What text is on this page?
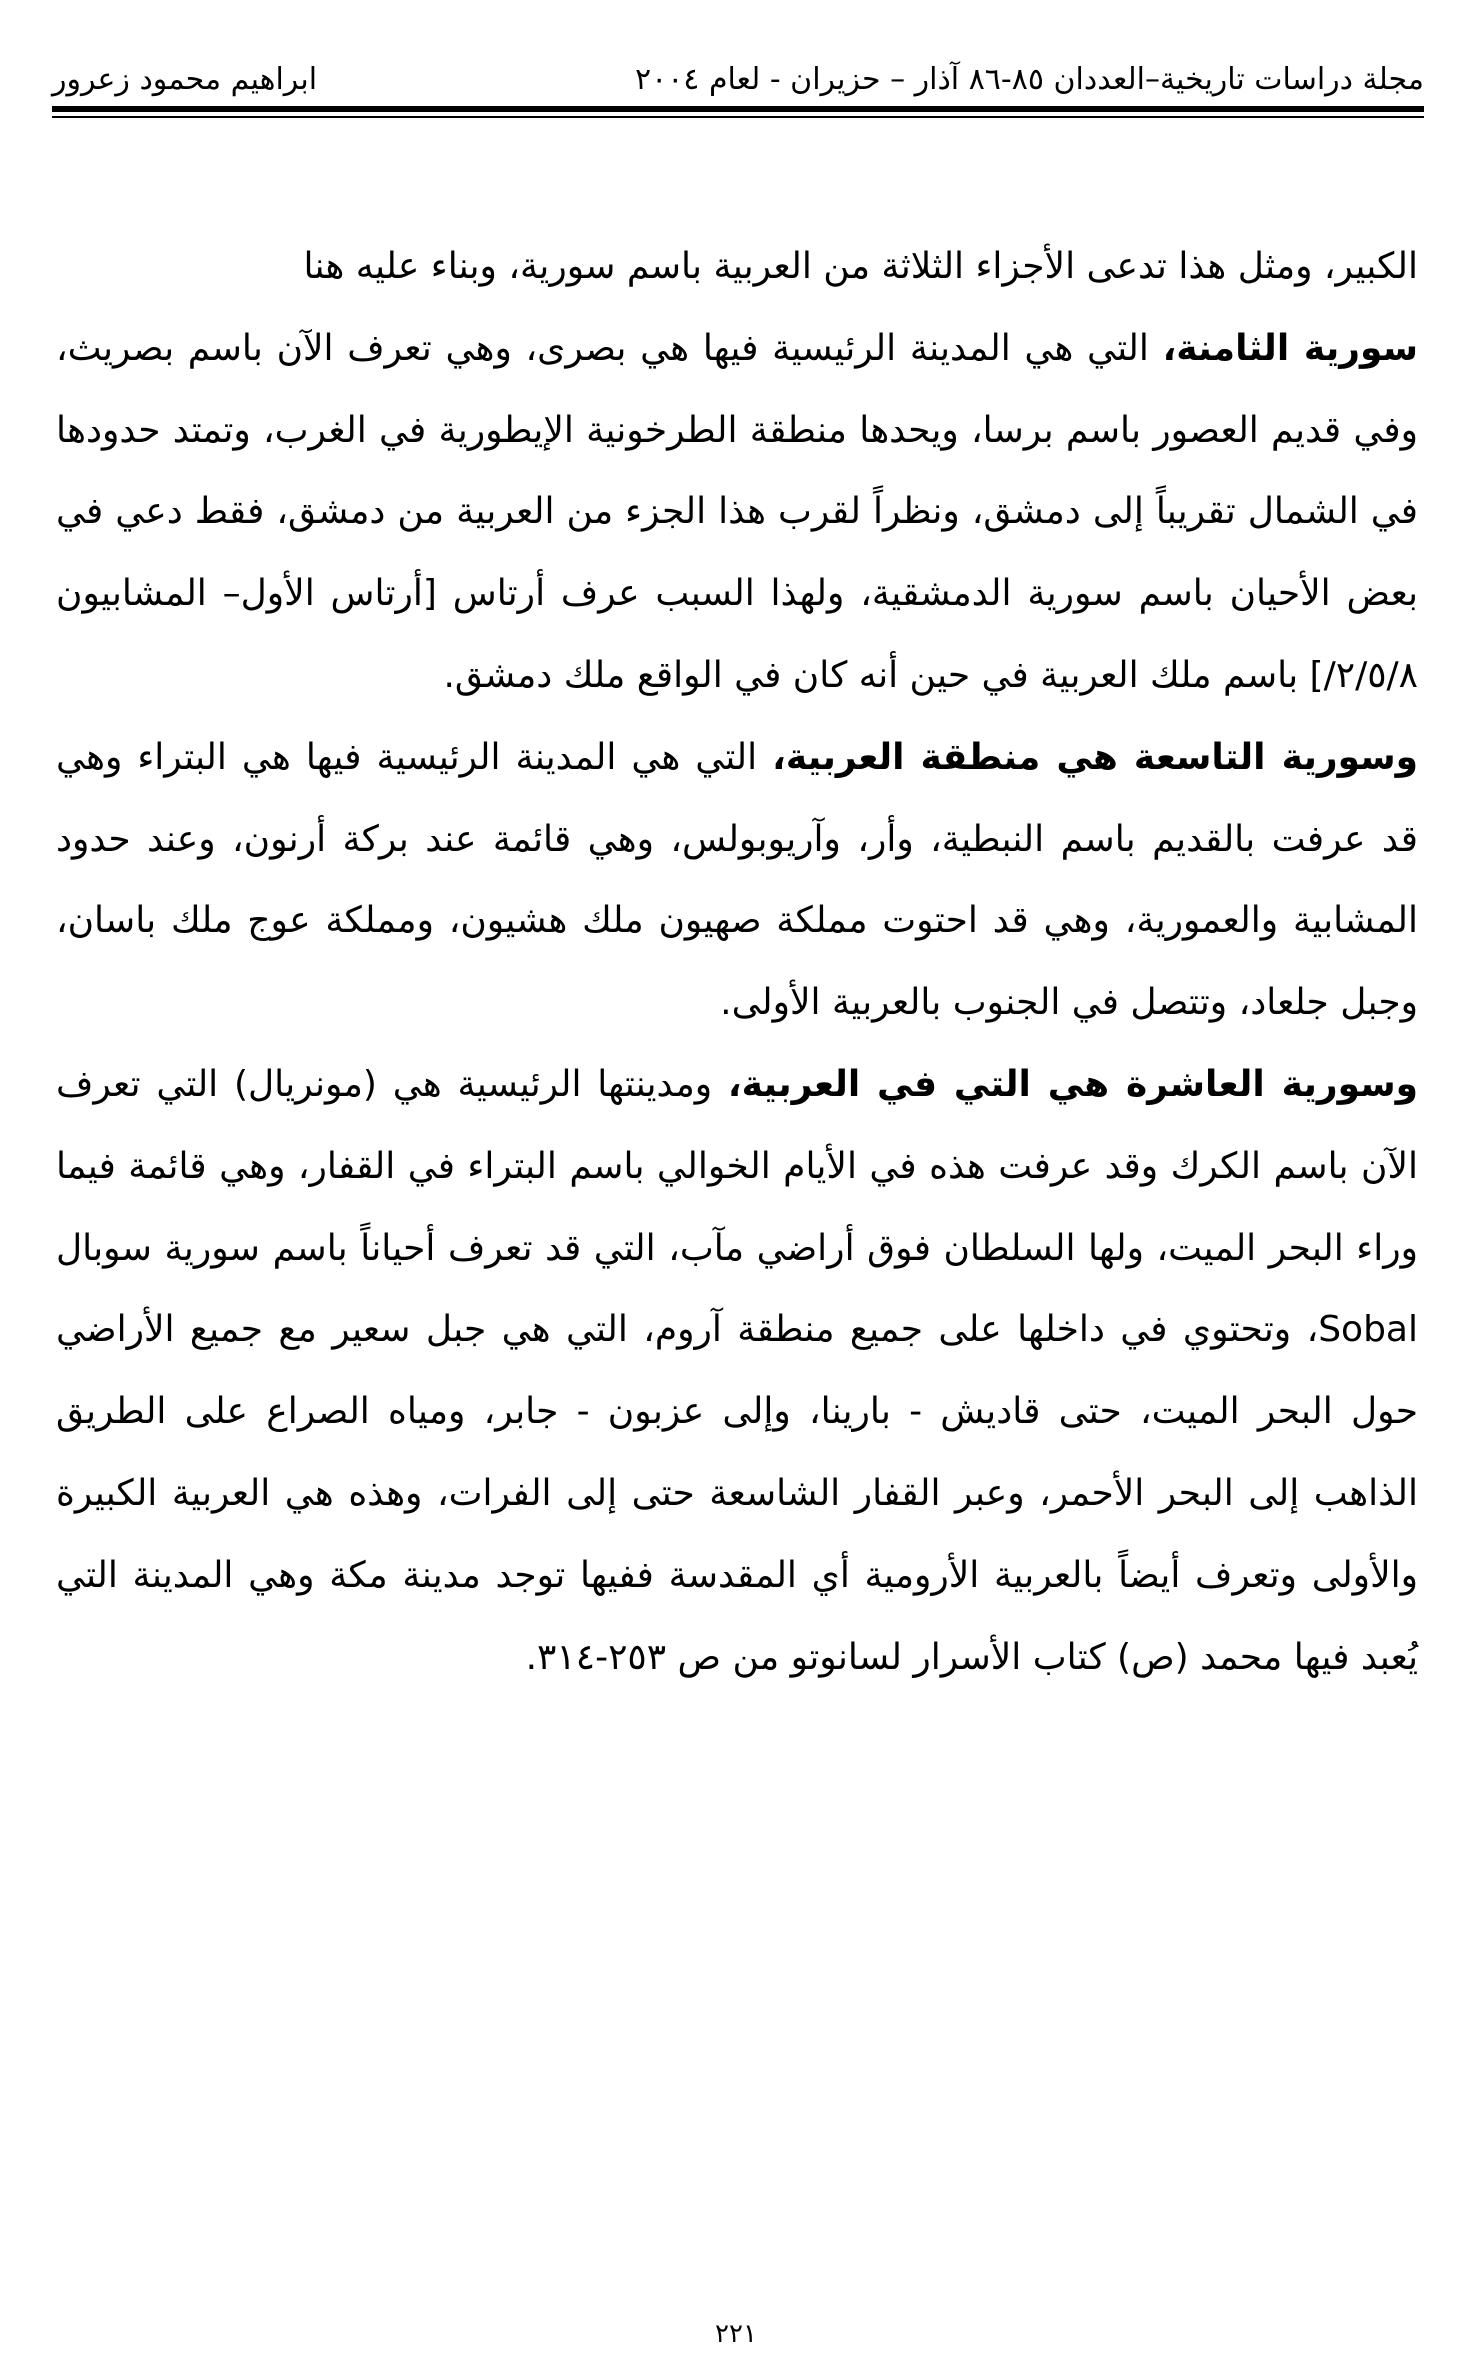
مجلة دراسات تاريخية–العددان ٨٥-٨٦ آذار – حزيران - لعام ٢٠٠٤
ابراهيم محمود زعرور

الكبير، ومثل هذا تدعى الأجزاء الثلاثة من العربية باسم سورية، وبناء عليه هنا

سورية الثامنة، التي هي المدينة الرئيسية فيها هي بصرى، وهي تعرف الآن باسم بصريث، وفي قديم العصور باسم برسا، ويحدها منطقة الطرخونية الإيطورية في الغرب، وتمتد حدودها في الشمال تقريباً إلى دمشق، ونظراً لقرب هذا الجزء من العربية من دمشق، فقط دعي في بعض الأحيان باسم سورية الدمشقية، ولهذا السبب عرف أرتاس [أرتاس الأول– المشابيون ٢/٥/٨/] باسم ملك العربية في حين أنه كان في الواقع ملك دمشق.

وسورية التاسعة هي منطقة العربية، التي هي المدينة الرئيسية فيها هي البتراء وهي قد عرفت بالقديم باسم النبطية، وأر، وآريوبولس، وهي قائمة عند بركة أرنون، وعند حدود المشابية والعمورية، وهي قد احتوت مملكة صهيون ملك هشيون، ومملكة عوج ملك باسان، وجبل جلعاد، وتتصل في الجنوب بالعربية الأولى.

وسورية العاشرة هي التي في العربية، ومدينتها الرئيسية هي (مونريال) التي تعرف الآن باسم الكرك وقد عرفت هذه في الأيام الخوالي باسم البتراء في القفار، وهي قائمة فيما وراء البحر الميت، ولها السلطان فوق أراضي مآب، التي قد تعرف أحياناً باسم سورية سوبال Sobal، وتحتوي في داخلها على جميع منطقة آروم، التي هي جبل سعير مع جميع الأراضي حول البحر الميت، حتى قاديش - بارينا، وإلى عزبون - جابر، ومياه الصراع على الطريق الذاهب إلى البحر الأحمر، وعبر القفار الشاسعة حتى إلى الفرات، وهذه هي العربية الكبيرة والأولى وتعرف أيضاً بالعربية الأرومية أي المقدسة ففيها توجد مدينة مكة وهي المدينة التي يُعبد فيها محمد (ص) كتاب الأسرار لسانوتو من ص ٢٥٣-٣١٤.

٢٢١
